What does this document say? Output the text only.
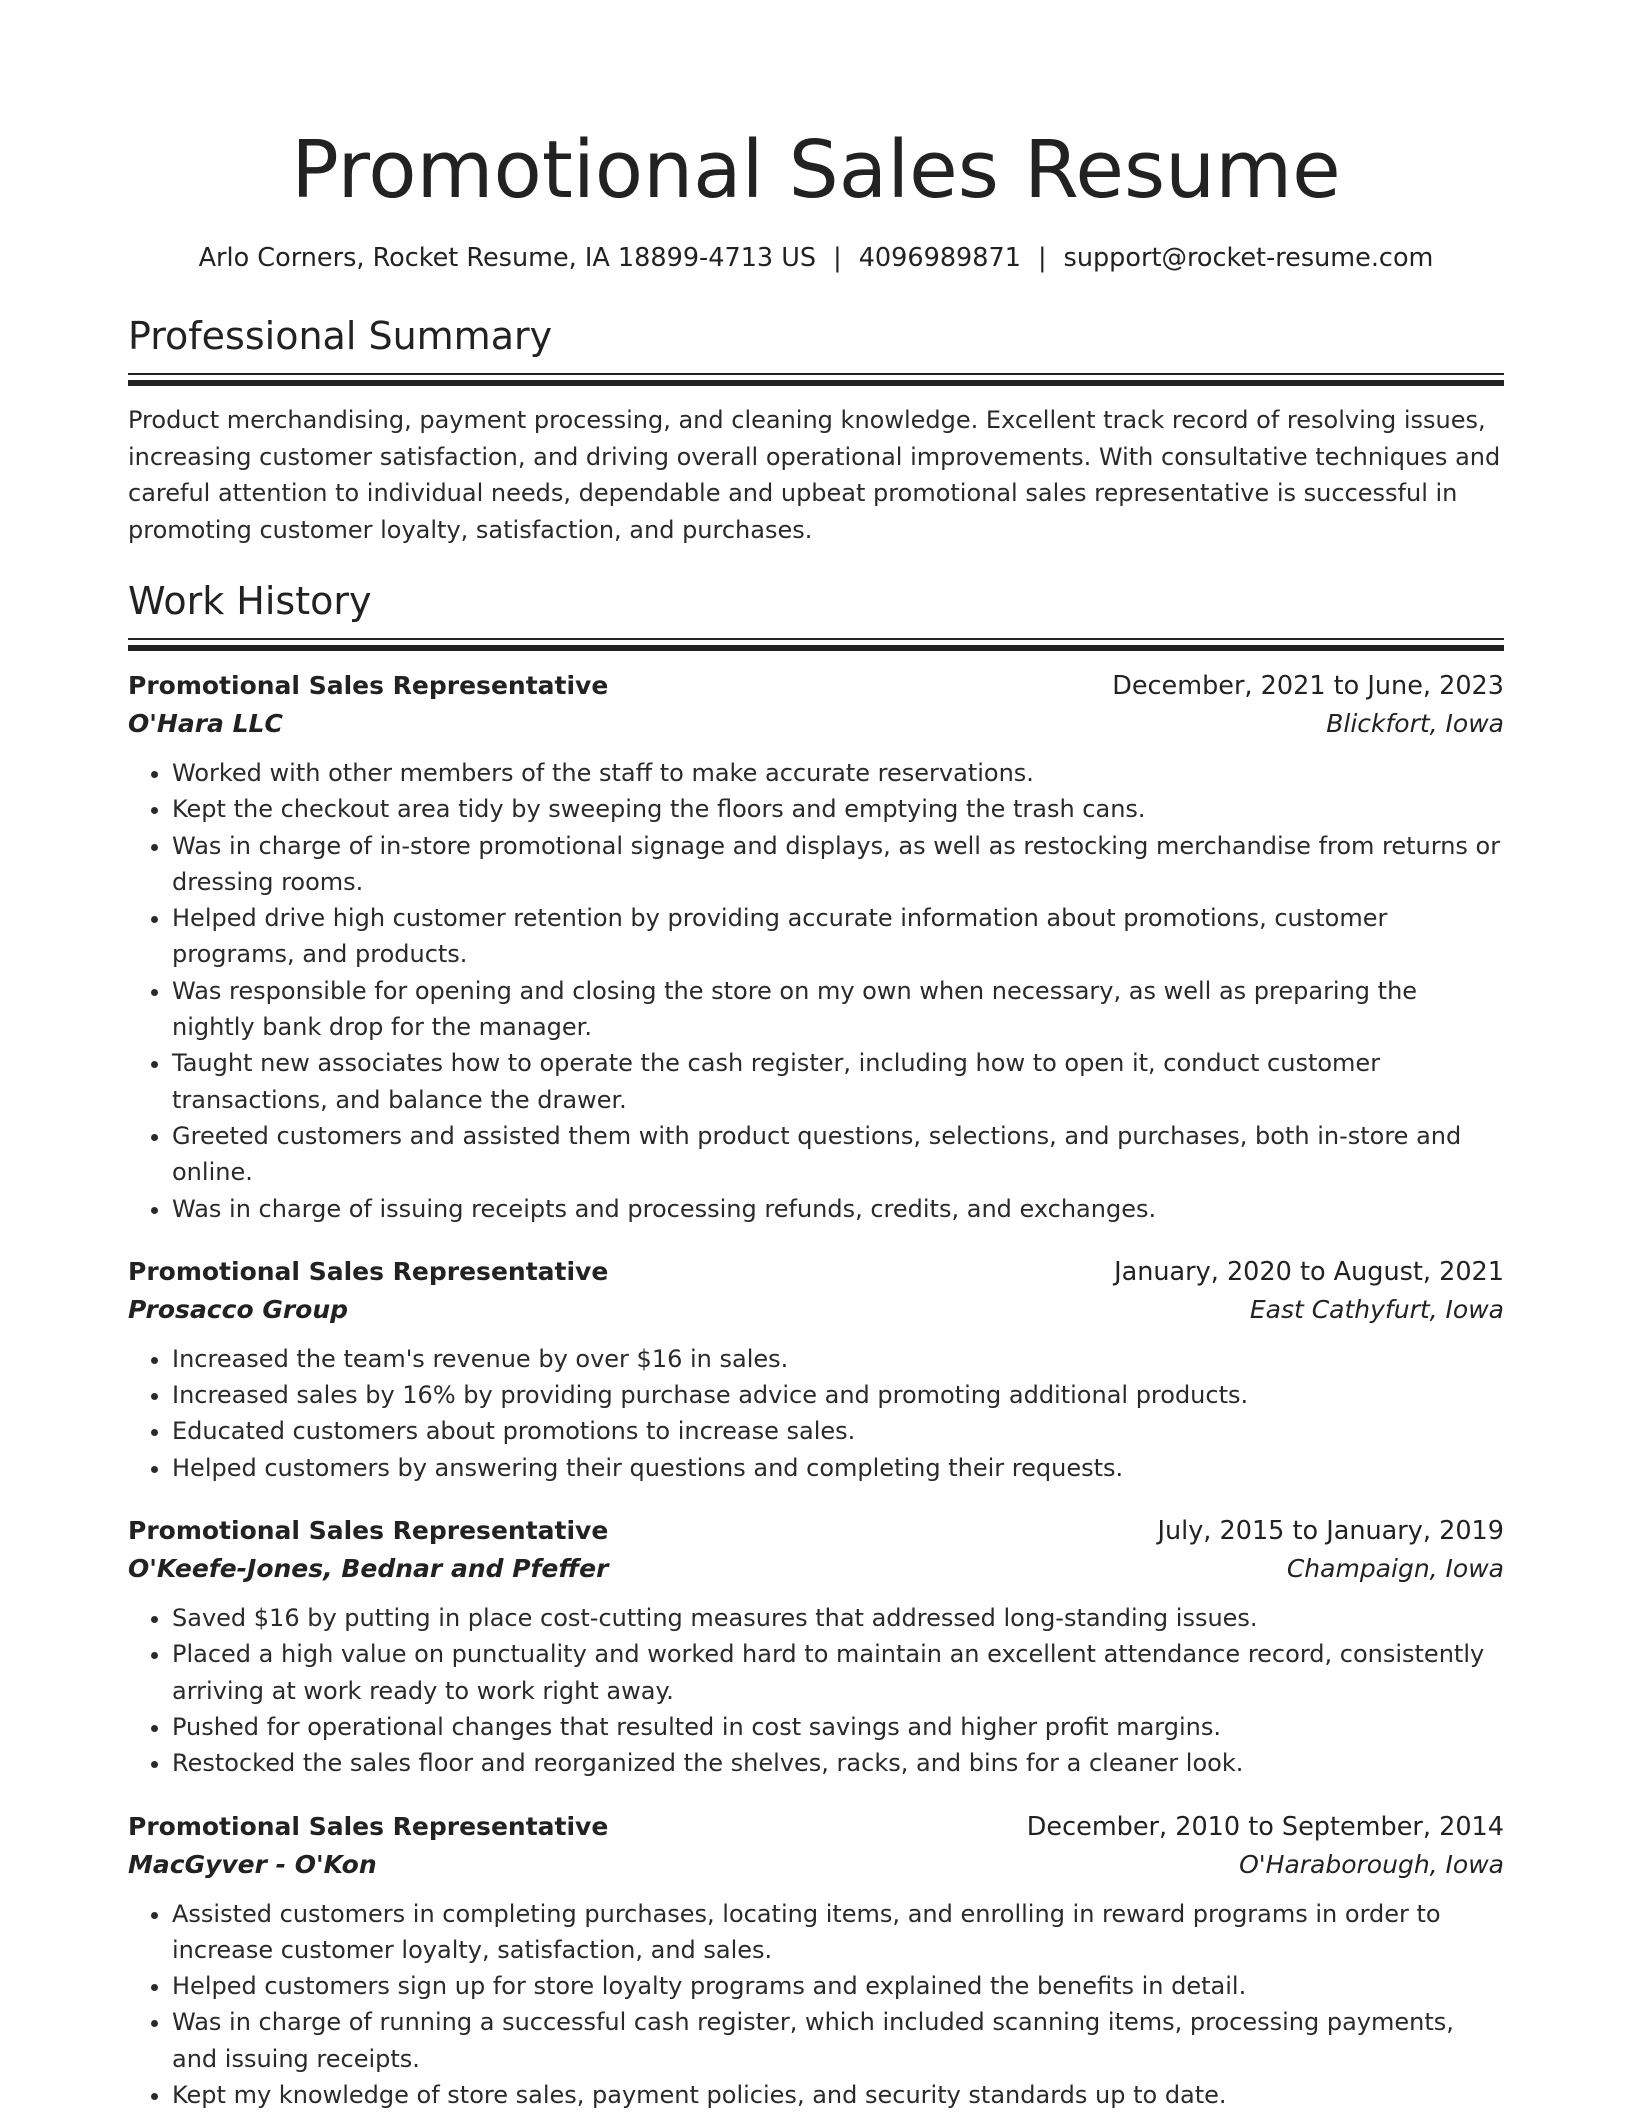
Promotional Sales Resume
Arlo Corners, Rocket Resume, IA 18899-4713 US | 4096989871 | support@rocket-resume.com
Professional Summary

Product merchandising, payment processing, and cleaning knowledge. Excellent track record of resolving issues, increasing customer satisfaction, and driving overall operational improvements. With consultative techniques and careful attention to individual needs, dependable and upbeat promotional sales representative is successful in promoting customer loyalty, satisfaction, and purchases.

Work History
Promotional Sales Representative	December, 2021 to June, 2023
O'Hara LLC	Blickfort, Iowa
• Worked with other members of the staff to make accurate reservations.
• Kept the checkout area tidy by sweeping the floors and emptying the trash cans.
• Was in charge of in-store promotional signage and displays, as well as restocking merchandise from returns or dressing rooms.
• Helped drive high customer retention by providing accurate information about promotions, customer programs, and products.
• Was responsible for opening and closing the store on my own when necessary, as well as preparing the nightly bank drop for the manager.
• Taught new associates how to operate the cash register, including how to open it, conduct customer transactions, and balance the drawer.
• Greeted customers and assisted them with product questions, selections, and purchases, both in-store and online.
• Was in charge of issuing receipts and processing refunds, credits, and exchanges.
Promotional Sales Representative	January, 2020 to August, 2021
Prosacco Group	East Cathyfurt, Iowa
• Increased the team's revenue by over $16 in sales.
• Increased sales by 16% by providing purchase advice and promoting additional products.
• Educated customers about promotions to increase sales.
• Helped customers by answering their questions and completing their requests.
Promotional Sales Representative	July, 2015 to January, 2019
O'Keefe-Jones, Bednar and Pfeffer	Champaign, Iowa
• Saved $16 by putting in place cost-cutting measures that addressed long-standing issues.
• Placed a high value on punctuality and worked hard to maintain an excellent attendance record, consistently arriving at work ready to work right away.
• Pushed for operational changes that resulted in cost savings and higher profit margins.
• Restocked the sales floor and reorganized the shelves, racks, and bins for a cleaner look.
Promotional Sales Representative	December, 2010 to September, 2014
MacGyver - O'Kon	O'Haraborough, Iowa
• Assisted customers in completing purchases, locating items, and enrolling in reward programs in order to increase customer loyalty, satisfaction, and sales.
• Helped customers sign up for store loyalty programs and explained the benefits in detail.
• Was in charge of running a successful cash register, which included scanning items, processing payments, and issuing receipts.
• Kept my knowledge of store sales, payment policies, and security standards up to date.
